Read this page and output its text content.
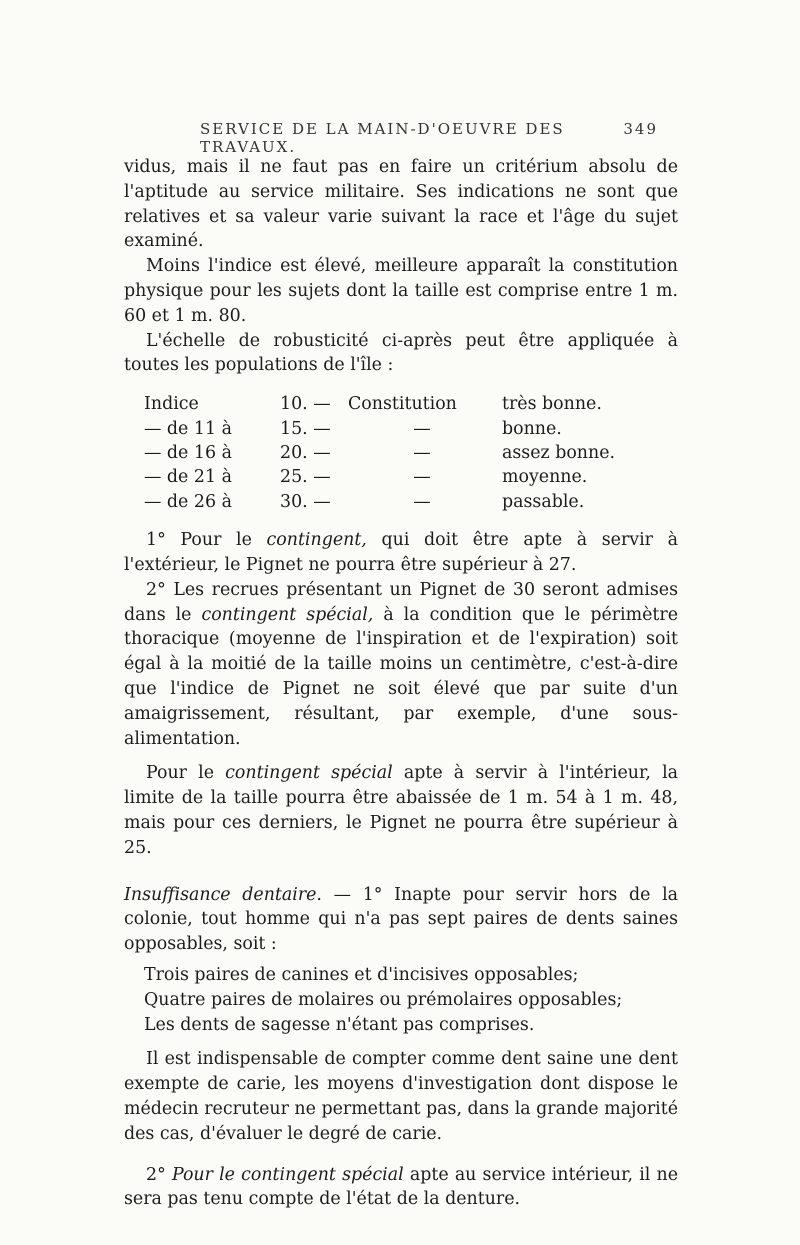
SERVICE DE LA MAIN-D'OEUVRE DES TRAVAUX.
349

vidus, mais il ne faut pas en faire un critérium absolu de l'aptitude au service militaire. Ses indications ne sont que relatives et sa valeur varie suivant la race et l'âge du sujet examiné.

Moins l'indice est élevé, meilleure apparaît la constitution physique pour les sujets dont la taille est comprise entre 1 m. 60 et 1 m. 80.

L'échelle de robusticité ci-après peut être appliquée à toutes les populations de l'île :

Indice	10. —	Constitution	très bonne.
— de 11 à	15. —	—	bonne.
— de 16 à	20. —	—	assez bonne.
— de 21 à	25. —	—	moyenne.
— de 26 à	30. —	—	passable.

1° Pour le contingent, qui doit être apte à servir à l'extérieur, le Pignet ne pourra être supérieur à 27.

2° Les recrues présentant un Pignet de 30 seront admises dans le contingent spécial, à la condition que le périmètre thoracique (moyenne de l'inspiration et de l'expiration) soit égal à la moitié de la taille moins un centimètre, c'est-à-dire que l'indice de Pignet ne soit élevé que par suite d'un amaigrissement, résultant, par exemple, d'une sous-alimentation.

Pour le contingent spécial apte à servir à l'intérieur, la limite de la taille pourra être abaissée de 1 m. 54 à 1 m. 48, mais pour ces derniers, le Pignet ne pourra être supérieur à 25.

Insuffisance dentaire. — 1° Inapte pour servir hors de la colonie, tout homme qui n'a pas sept paires de dents saines opposables, soit :

Trois paires de canines et d'incisives opposables;

Quatre paires de molaires ou prémolaires opposables;

Les dents de sagesse n'étant pas comprises.

Il est indispensable de compter comme dent saine une dent exempte de carie, les moyens d'investigation dont dispose le médecin recruteur ne permettant pas, dans la grande majorité des cas, d'évaluer le degré de carie.

2° Pour le contingent spécial apte au service intérieur, il ne sera pas tenu compte de l'état de la denture.
